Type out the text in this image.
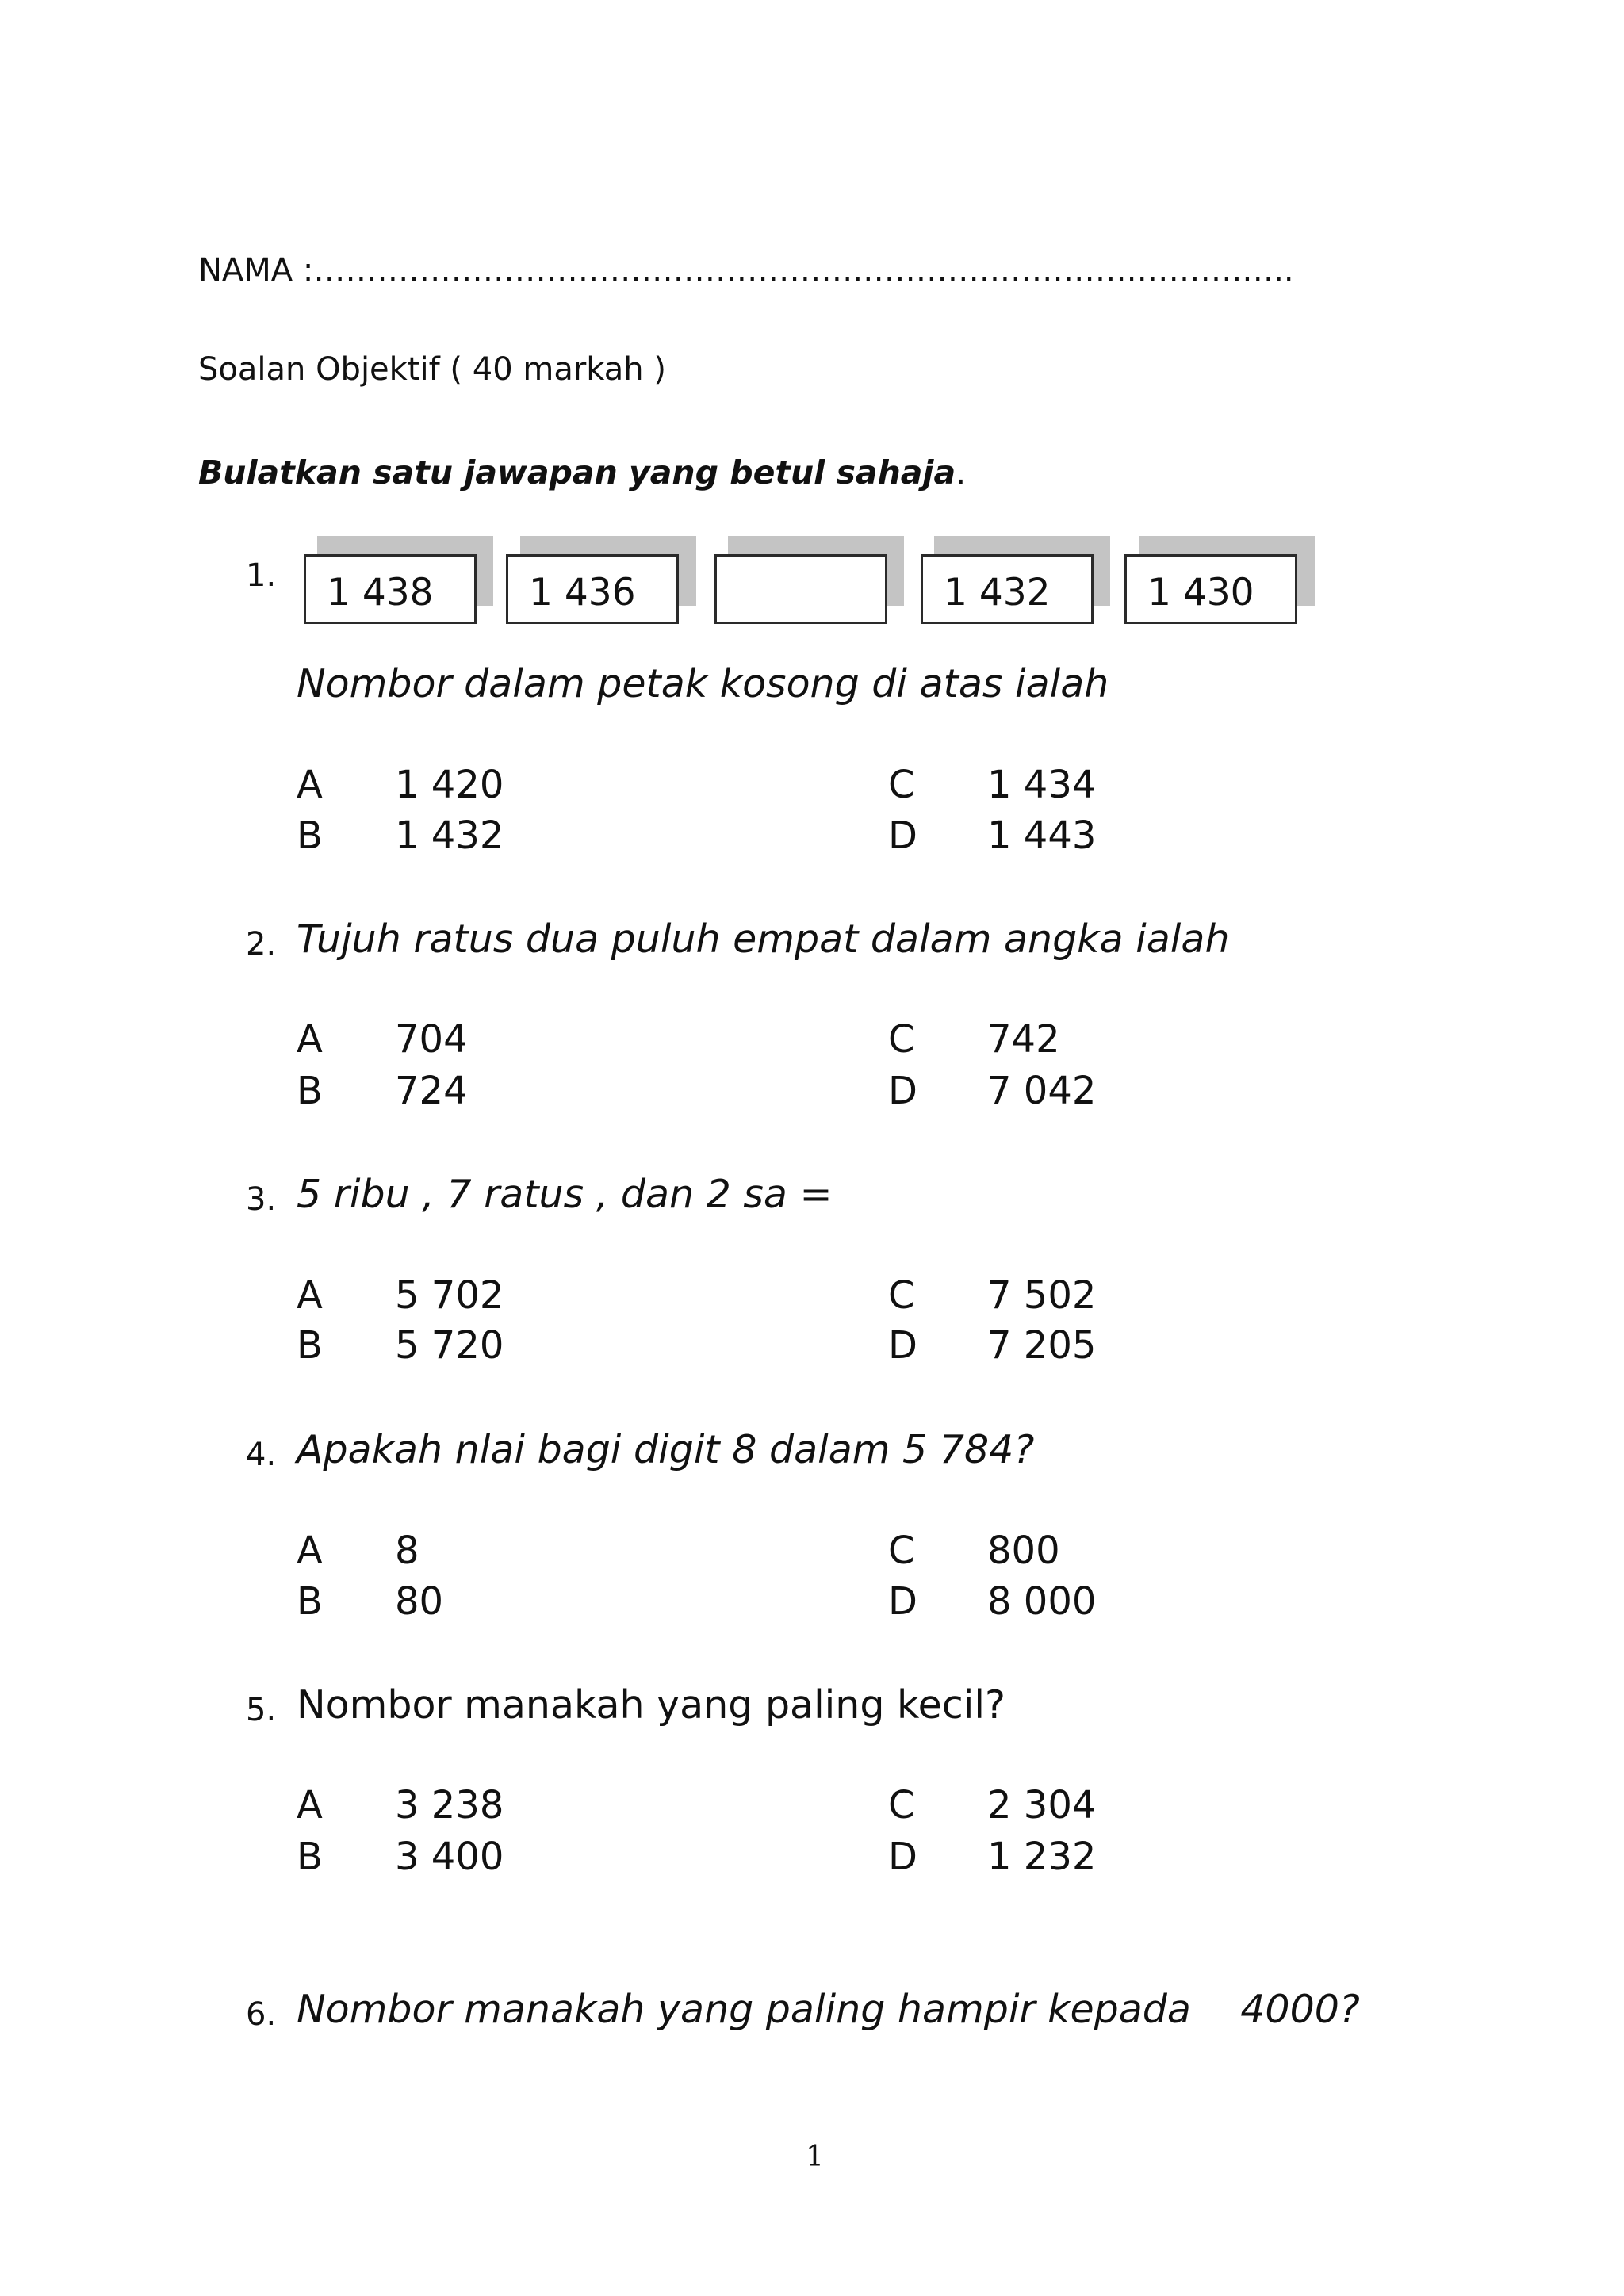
NAMA :…………………………………………….………….………….……….…..
Soalan Objektif ( 40 markah )
Bulatkan satu jawapan yang betul sahaja.
1.	1 438	1 436	1 432	1 430
Nombor dalam petak kosong di atas ialah
A 1 420
B 1 432
C 1 434
D 1 443
2. Tujuh ratus dua puluh empat dalam angka ialah
A 704
B 724
C 742
D 7 042
3. 5 ribu , 7 ratus , dan 2 sa =
A 5 702
B 5 720
C 7 502
D 7 205
4. Apakah nlai bagi digit 8 dalam 5 784?
A 8
B 80
C 800
D 8 000
5. Nombor manakah yang paling kecil?
A 3 238
B 3 400
C 2 304
D 1 232
6. Nombor manakah yang paling hampir kepada    4000?
1
